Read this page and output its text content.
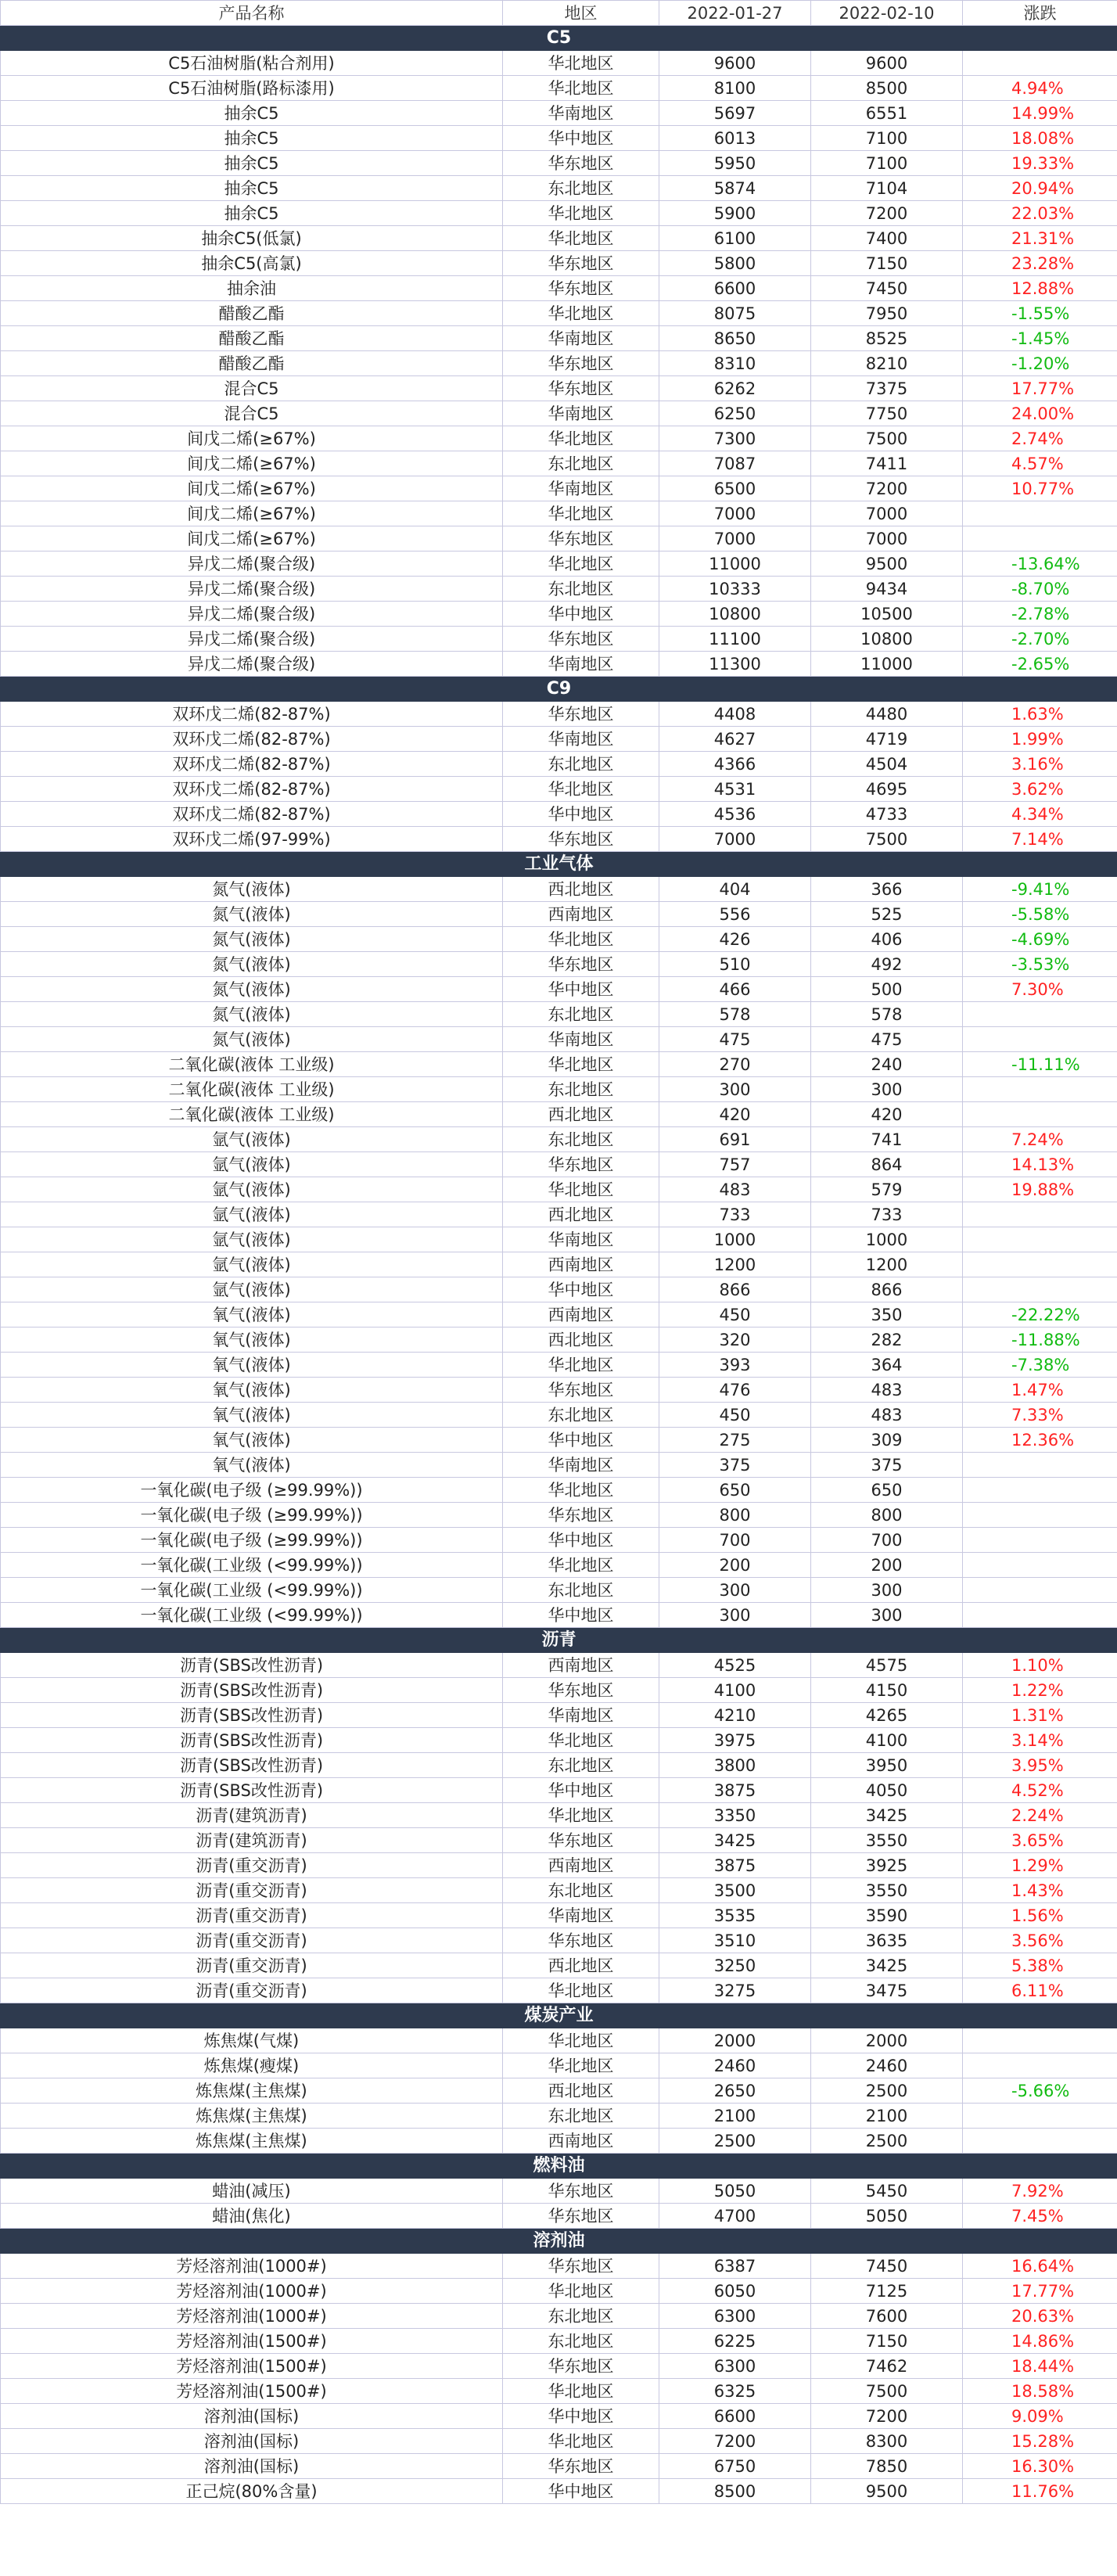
产品名称	地区	2022-01-27	2022-02-10	涨跌
C5				
C5石油树脂(粘合剂用)	华北地区	9600	9600	
C5石油树脂(路标漆用)	华北地区	8100	8500	4.94%
抽余C5	华南地区	5697	6551	14.99%
抽余C5	华中地区	6013	7100	18.08%
抽余C5	华东地区	5950	7100	19.33%
抽余C5	东北地区	5874	7104	20.94%
抽余C5	华北地区	5900	7200	22.03%
抽余C5(低氯)	华北地区	6100	7400	21.31%
抽余C5(高氯)	华东地区	5800	7150	23.28%
抽余油	华东地区	6600	7450	12.88%
醋酸乙酯	华北地区	8075	7950	-1.55%
醋酸乙酯	华南地区	8650	8525	-1.45%
醋酸乙酯	华东地区	8310	8210	-1.20%
混合C5	华东地区	6262	7375	17.77%
混合C5	华南地区	6250	7750	24.00%
间戊二烯(≥67%)	华北地区	7300	7500	2.74%
间戊二烯(≥67%)	东北地区	7087	7411	4.57%
间戊二烯(≥67%)	华南地区	6500	7200	10.77%
间戊二烯(≥67%)	华北地区	7000	7000	
间戊二烯(≥67%)	华东地区	7000	7000	
异戊二烯(聚合级)	华北地区	11000	9500	-13.64%
异戊二烯(聚合级)	东北地区	10333	9434	-8.70%
异戊二烯(聚合级)	华中地区	10800	10500	-2.78%
异戊二烯(聚合级)	华东地区	11100	10800	-2.70%
异戊二烯(聚合级)	华南地区	11300	11000	-2.65%
C9				
双环戊二烯(82-87%)	华东地区	4408	4480	1.63%
双环戊二烯(82-87%)	华南地区	4627	4719	1.99%
双环戊二烯(82-87%)	东北地区	4366	4504	3.16%
双环戊二烯(82-87%)	华北地区	4531	4695	3.62%
双环戊二烯(82-87%)	华中地区	4536	4733	4.34%
双环戊二烯(97-99%)	华东地区	7000	7500	7.14%
工业气体				
氮气(液体)	西北地区	404	366	-9.41%
氮气(液体)	西南地区	556	525	-5.58%
氮气(液体)	华北地区	426	406	-4.69%
氮气(液体)	华东地区	510	492	-3.53%
氮气(液体)	华中地区	466	500	7.30%
氮气(液体)	东北地区	578	578	
氮气(液体)	华南地区	475	475	
二氧化碳(液体 工业级)	华北地区	270	240	-11.11%
二氧化碳(液体 工业级)	东北地区	300	300	
二氧化碳(液体 工业级)	西北地区	420	420	
氩气(液体)	东北地区	691	741	7.24%
氩气(液体)	华东地区	757	864	14.13%
氩气(液体)	华北地区	483	579	19.88%
氩气(液体)	西北地区	733	733	
氩气(液体)	华南地区	1000	1000	
氩气(液体)	西南地区	1200	1200	
氩气(液体)	华中地区	866	866	
氧气(液体)	西南地区	450	350	-22.22%
氧气(液体)	西北地区	320	282	-11.88%
氧气(液体)	华北地区	393	364	-7.38%
氧气(液体)	华东地区	476	483	1.47%
氧气(液体)	东北地区	450	483	7.33%
氧气(液体)	华中地区	275	309	12.36%
氧气(液体)	华南地区	375	375	
一氧化碳(电子级 (≥99.99%))	华北地区	650	650	
一氧化碳(电子级 (≥99.99%))	华东地区	800	800	
一氧化碳(电子级 (≥99.99%))	华中地区	700	700	
一氧化碳(工业级 (<99.99%))	华北地区	200	200	
一氧化碳(工业级 (<99.99%))	东北地区	300	300	
一氧化碳(工业级 (<99.99%))	华中地区	300	300	
沥青				
沥青(SBS改性沥青)	西南地区	4525	4575	1.10%
沥青(SBS改性沥青)	华东地区	4100	4150	1.22%
沥青(SBS改性沥青)	华南地区	4210	4265	1.31%
沥青(SBS改性沥青)	华北地区	3975	4100	3.14%
沥青(SBS改性沥青)	东北地区	3800	3950	3.95%
沥青(SBS改性沥青)	华中地区	3875	4050	4.52%
沥青(建筑沥青)	华北地区	3350	3425	2.24%
沥青(建筑沥青)	华东地区	3425	3550	3.65%
沥青(重交沥青)	西南地区	3875	3925	1.29%
沥青(重交沥青)	东北地区	3500	3550	1.43%
沥青(重交沥青)	华南地区	3535	3590	1.56%
沥青(重交沥青)	华东地区	3510	3635	3.56%
沥青(重交沥青)	西北地区	3250	3425	5.38%
沥青(重交沥青)	华北地区	3275	3475	6.11%
煤炭产业				
炼焦煤(气煤)	华北地区	2000	2000	
炼焦煤(瘦煤)	华北地区	2460	2460	
炼焦煤(主焦煤)	西北地区	2650	2500	-5.66%
炼焦煤(主焦煤)	东北地区	2100	2100	
炼焦煤(主焦煤)	西南地区	2500	2500	
燃料油				
蜡油(减压)	华东地区	5050	5450	7.92%
蜡油(焦化)	华东地区	4700	5050	7.45%
溶剂油				
芳烃溶剂油(1000#)	华东地区	6387	7450	16.64%
芳烃溶剂油(1000#)	华北地区	6050	7125	17.77%
芳烃溶剂油(1000#)	东北地区	6300	7600	20.63%
芳烃溶剂油(1500#)	东北地区	6225	7150	14.86%
芳烃溶剂油(1500#)	华东地区	6300	7462	18.44%
芳烃溶剂油(1500#)	华北地区	6325	7500	18.58%
溶剂油(国标)	华中地区	6600	7200	9.09%
溶剂油(国标)	华北地区	7200	8300	15.28%
溶剂油(国标)	华东地区	6750	7850	16.30%
正己烷(80%含量)	华中地区	8500	9500	11.76%
